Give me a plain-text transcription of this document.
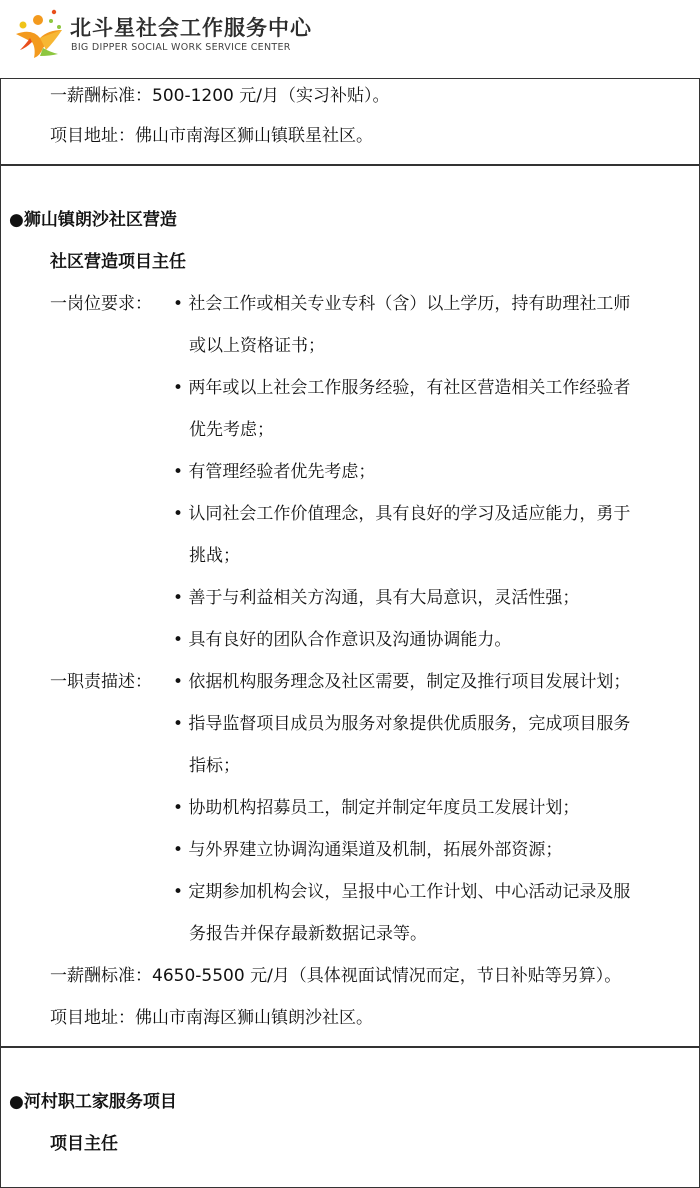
北斗星社会工作服务中心
BIG DIPPER SOCIAL WORK SERVICE CENTER
一薪酬标准：500-1200 元/月（实习补贴）。
项目地址：佛山市南海区狮山镇联星社区。
●狮山镇朗沙社区营造
社区营造项目主任
一岗位要求： • 社会工作或相关专业专科（含）以上学历，持有助理社工师
或以上资格证书；
• 两年或以上社会工作服务经验，有社区营造相关工作经验者
优先考虑；
• 有管理经验者优先考虑；
• 认同社会工作价值理念，具有良好的学习及适应能力，勇于
挑战；
• 善于与利益相关方沟通，具有大局意识，灵活性强；
• 具有良好的团队合作意识及沟通协调能力。
一职责描述： • 依据机构服务理念及社区需要，制定及推行项目发展计划；
• 指导监督项目成员为服务对象提供优质服务，完成项目服务
指标；
• 协助机构招募员工，制定并制定年度员工发展计划；
• 与外界建立协调沟通渠道及机制，拓展外部资源；
• 定期参加机构会议，呈报中心工作计划、中心活动记录及服
务报告并保存最新数据记录等。
一薪酬标准：4650-5500 元/月（具体视面试情况而定，节日补贴等另算）。
项目地址：佛山市南海区狮山镇朗沙社区。
●河村职工家服务项目
项目主任
